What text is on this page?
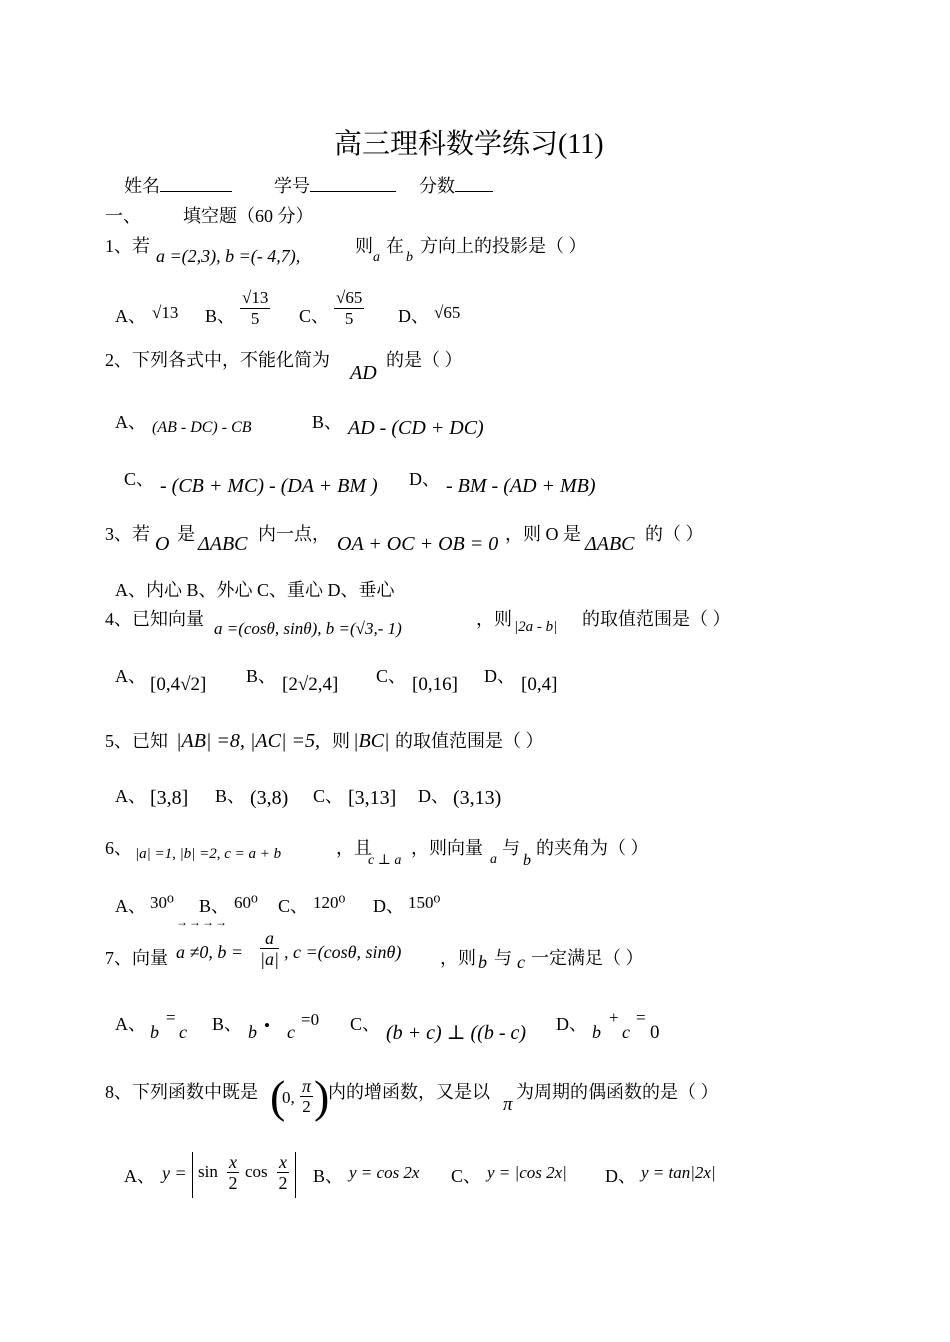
高三理科数学练习(11)
姓名	学号	分数
一、 填空题（60 分）
1、若 a =(2,3), b =(- 4,7),	则
a
在
b
方向上的投影是（ ）
A、 √13 B、 $\frac{√13}{5}$ C、 $\frac{√65}{5}$ D、 √65
2、下列各式中，不能化简为
AD
的是（ ）
A、 (AB - DC) - CB	B、 AD - (CD + DC)
C、 - (CB + MC) - (DA + BM ) D、 - BM - (AD + MB)
3、若 O 是 ΔABC 内一点， OA + OC + OB = 0 ，则 O 是 ΔABC 的（ ）
A、内心 B、外心 C、重心 D、垂心
4、已知向量 a =(cosθ, sinθ), b =(√3,- 1)	，则 |2a - b| 的取值范围是（ ）
A、 [0,4√2] B、 [2√2,4] C、 [0,16] D、 [0,4]
5、已知 |AB| =8, |AC| =5, 则 |BC| 的取值范围是（ ）
A、 [3,8] B、 (3,8) C、 [3,13] D、 (3,13)
6、 |a| =1, |b| =2, c = a + b	，且
c ⊥ a
，则向量
a
与
b
的夹角为（ ）
A、 30⁰ B、 60⁰ C、 120⁰ D、 150⁰
→→→→
7、向量 a ≠0, $b = \frac{a}{|a|}$ , c =(cosθ, sinθ) ，则 b 与 c 一定满足（ ）
A、 b
=
c B、 b • c
=0 C、 (b + c) ⊥ ((b - c) D、 b
+
c
=
0
8、下列函数中既是 (
0, $\frac{\pi}{2}$ )
内的增函数，又是以
π
为周期的偶函数的是（ ）
A、 $y = \sin \frac{x}{2}$ $\cos \frac{x}{2}$ B、 y = cos 2x C、 y = |cos 2x| D、 y = tan|2x|
